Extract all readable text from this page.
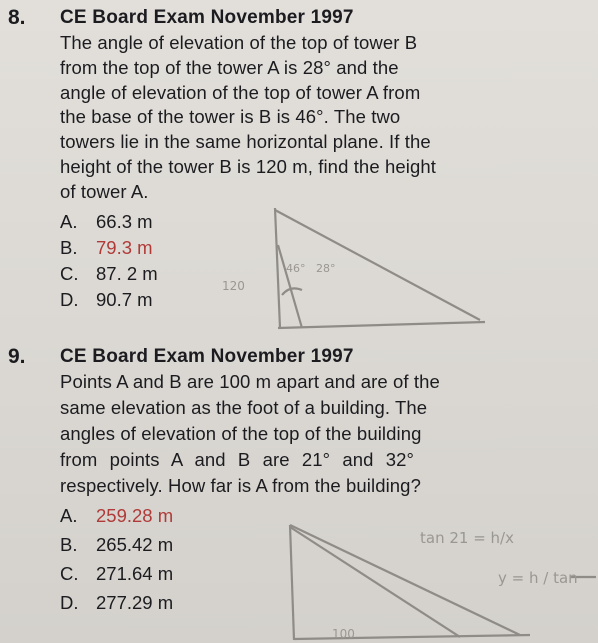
8. CE Board Exam November 1997
The angle of elevation of the top of tower B
from the top of the tower A is 28° and the
angle of elevation of the top of tower A from
the base of the tower is B is 46°. The two
towers lie in the same horizontal plane. If the
height of the tower B is 120 m, find the height
of tower A.
A. 66.3 m
B. 79.3 m
C. 87. 2 m
D. 90.7 m
120
46° 28°
9. CE Board Exam November 1997
Points A and B are 100 m apart and are of the
same elevation as the foot of a building. The
angles of elevation of the top of the building
from points A and B are 21° and 32°
respectively. How far is A from the building?
A. 259.28 m
B. 265.42 m
C. 271.64 m
D. 277.29 m
tan 21 = h/x
y = h / tan
100
